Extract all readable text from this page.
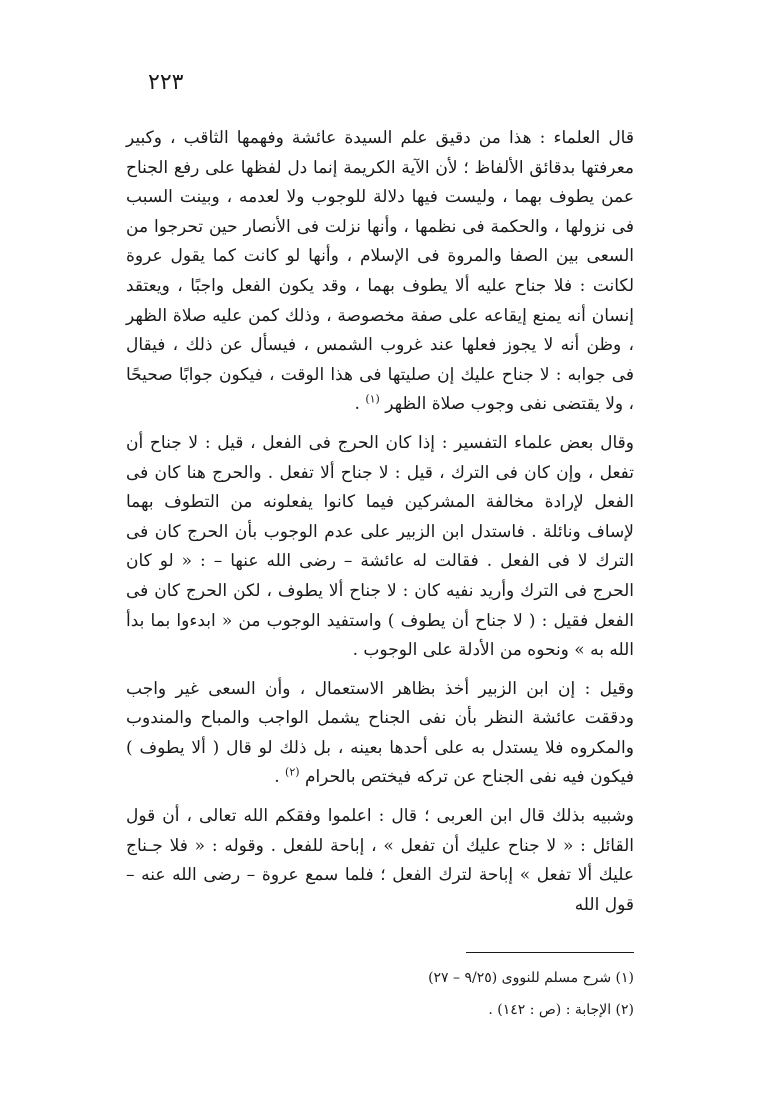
٢٢٣

قال العلماء : هذا من دقيق علم السيدة عائشة وفهمها الثاقب ، وكبير معرفتها بدقائق الألفاظ ؛ لأن الآية الكريمة إنما دل لفظها على رفع الجناح عمن يطوف بهما ، وليست فيها دلالة للوجوب ولا لعدمه ، وبينت السبب فى نزولها ، والحكمة فى نظمها ، وأنها نزلت فى الأنصار حين تحرجوا من السعى بين الصفا والمروة فى الإسلام ، وأنها لو كانت كما يقول عروة لكانت : فلا جناح عليه ألا يطوف بهما ، وقد يكون الفعل واجبًا ، ويعتقد إنسان أنه يمنع إيقاعه على صفة مخصوصة ، وذلك كمن عليه صلاة الظهر ، وظن أنه لا يجوز فعلها عند غروب الشمس ، فيسأل عن ذلك ، فيقال فى جوابه : لا جناح عليك إن صليتها فى هذا الوقت ، فيكون جوابًا صحيحًا ، ولا يقتضى نفى وجوب صلاة الظهر $^{(١)}$ .

وقال بعض علماء التفسير : إذا كان الحرج فى الفعل ، قيل : لا جناح أن تفعل ، وإن كان فى الترك ، قيل : لا جناح ألا تفعل . والحرج هنا كان فى الفعل لإرادة مخالفة المشركين فيما كانوا يفعلونه من التطوف بهما لإساف ونائلة . فاستدل ابن الزبير على عدم الوجوب بأن الحرج كان فى الترك لا فى الفعل . فقالت له عائشة – رضى الله عنها – : « لو كان الحرج فى الترك وأريد نفيه كان : لا جناح ألا يطوف ، لكن الحرج كان فى الفعل فقيل : ( لا جناح أن يطوف ) واستفيد الوجوب من « ابدءوا بما بدأ الله به » ونحوه من الأدلة على الوجوب .

وقيل : إن ابن الزبير أخذ بظاهر الاستعمال ، وأن السعى غير واجب ودققت عائشة النظر بأن نفى الجناح يشمل الواجب والمباح والمندوب والمكروه فلا يستدل به على أحدها بعينه ، بل ذلك لو قال ( ألا يطوف ) فيكون فيه نفى الجناح عن تركه فيختص بالحرام $^{(٢)}$ .

وشبيه بذلك قال ابن العربى ؛ قال : اعلموا وفقكم الله تعالى ، أن قول القائل : « لا جناح عليك أن تفعل » ، إباحة للفعل . وقوله : « فلا جـناج عليك ألا تفعل » إباحة لترك الفعل ؛ فلما سمع عروة – رضى الله عنه – قول الله

(١) شرح مسلم للنووى (٩/٢٥ – ٢٧)

(٢) الإجابة : (ص : ١٤٢) .
